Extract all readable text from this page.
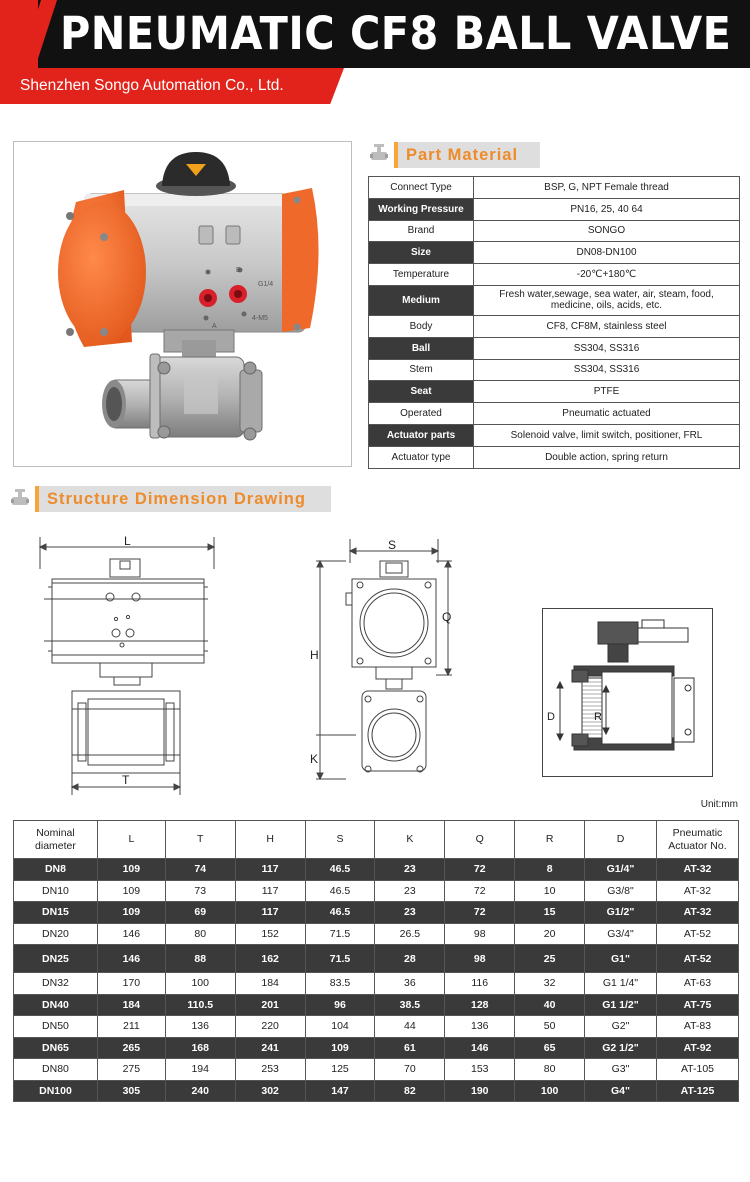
PNEUMATIC CF8 BALL VALVE
Shenzhen Songo Automation Co., Ltd.
B
G1/4
A
4-M5
Part Material
Connect Type	BSP, G, NPT Female thread
Working Pressure	PN16, 25, 40 64
Brand	SONGO
Size	DN08-DN100
Temperature	-20℃+180℃
Medium	Fresh water,sewage, sea water, air, steam, food, medicine, oils, acids, etc.
Body	CF8, CF8M, stainless steel
Ball	SS304, SS316
Stem	SS304, SS316
Seat	PTFE
Operated	Pneumatic actuated
Actuator parts	Solenoid valve, limit switch, positioner, FRL
Actuator type	Double action, spring return
Structure Dimension Drawing
L
T
S
H
K
Q
D	R
Unit:mm
Nominal diameter	L	T	H	S	K	Q	R	D	Pneumatic Actuator No.
DN8	109	74	117	46.5	23	72	8	G1/4"	AT-32
DN10	109	73	117	46.5	23	72	10	G3/8"	AT-32
DN15	109	69	117	46.5	23	72	15	G1/2"	AT-32
DN20	146	80	152	71.5	26.5	98	20	G3/4"	AT-52
DN25	146	88	162	71.5	28	98	25	G1"	AT-52
DN32	170	100	184	83.5	36	116	32	G1 1/4"	AT-63
DN40	184	110.5	201	96	38.5	128	40	G1 1/2"	AT-75
DN50	211	136	220	104	44	136	50	G2"	AT-83
DN65	265	168	241	109	61	146	65	G2 1/2"	AT-92
DN80	275	194	253	125	70	153	80	G3"	AT-105
DN100	305	240	302	147	82	190	100	G4"	AT-125
